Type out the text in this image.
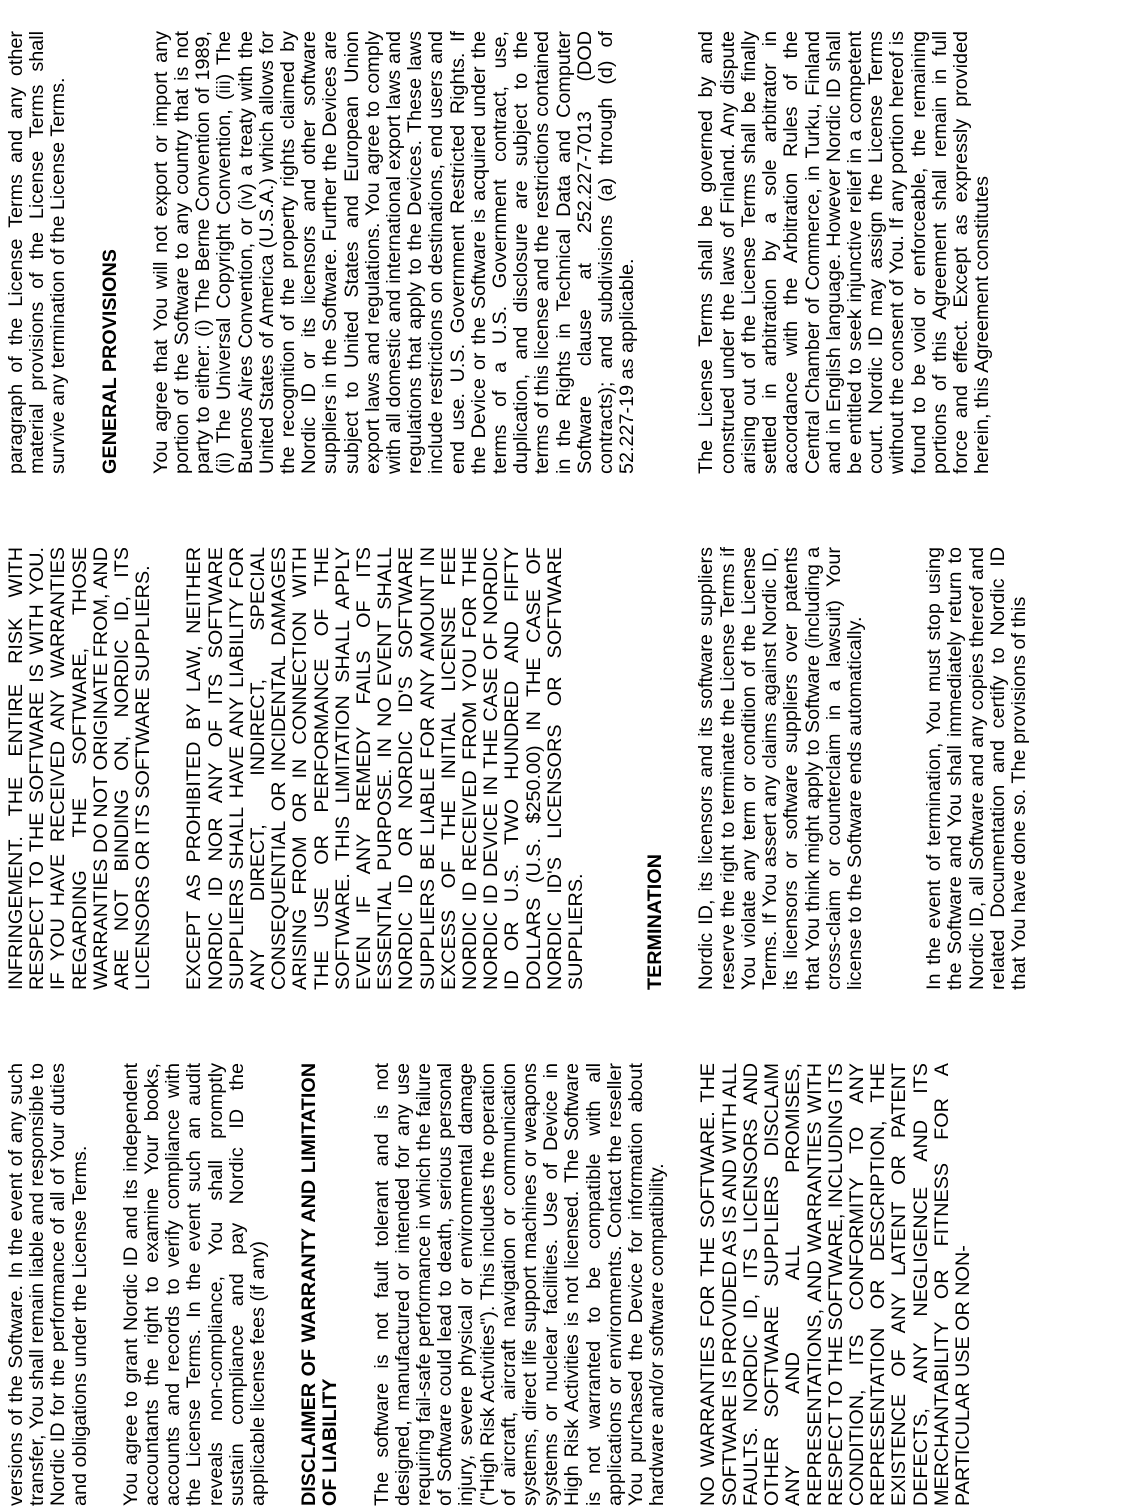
versions of the Software. In the event of any such transfer, You shall remain liable and responsible to Nordic ID for the performance of all of Your duties and obligations under the License Terms. You agree to grant Nordic ID and its independent accountants the right to examine Your books, accounts and records to verify compliance with the License Terms. In the event such an audit reveals non-compliance, You shall promptly sustain compliance and pay Nordic ID the applicable license fees (if any) DISCLAIMER OF WARRANTY AND LIMITATION OF LIABILITY The software is not fault tolerant and is not designed, manufactured or intended for any use requiring fail-safe performance in which the failure of Software could lead to death, serious personal injury, severe physical or environmental damage ("High Risk Activities"). This includes the operation of aircraft, aircraft navigation or communication systems, direct life support machines or weapons systems or nuclear facilities. Use of Device in High Risk Activities is not licensed. The Software is not warranted to be compatible with all applications or environments. Contact the reseller You purchased the Device for information about hardware and/or software compatibility. NO WARRANTIES FOR THE SOFTWARE. THE SOFTWARE IS PROVIDED AS IS AND WITH ALL FAULTS. NORDIC ID, ITS LICENSORS AND OTHER SOFTWARE SUPPLIERS DISCLAIM ANY AND ALL PROMISES, REPRESENTATIONS, AND WARRANTIES WITH RESPECT TO THE SOFTWARE, INCLUDING ITS CONDITION, ITS CONFORMITY TO ANY REPRESENTATION OR DESCRIPTION, THE EXISTENCE OF ANY LATENT OR PATENT DEFECTS, ANY NEGLIGENCE AND ITS MERCHANTABILITY OR FITNESS FOR A PARTICULAR USE OR NON-

INFRINGEMENT. THE ENTIRE RISK WITH RESPECT TO THE SOFTWARE IS WITH YOU. IF YOU HAVE RECEIVED ANY WARRANTIES REGARDING THE SOFTWARE, THOSE WARRANTIES DO NOT ORIGINATE FROM, AND ARE NOT BINDING ON, NORDIC ID, ITS LICENSORS OR ITS SOFTWARE SUPPLIERS. EXCEPT AS PROHIBITED BY LAW, NEITHER NORDIC ID NOR ANY OF ITS SOFTWARE SUPPLIERS SHALL HAVE ANY LIABILITY FOR ANY DIRECT, INDIRECT, SPECIAL CONSEQUENTIAL OR INCIDENTAL DAMAGES ARISING FROM OR IN CONNECTION WITH THE USE OR PERFORMANCE OF THE SOFTWARE. THIS LIMITATION SHALL APPLY EVEN IF ANY REMEDY FAILS OF ITS ESSENTIAL PURPOSE. IN NO EVENT SHALL NORDIC ID OR NORDIC ID'S SOFTWARE SUPPLIERS BE LIABLE FOR ANY AMOUNT IN EXCESS OF THE INITIAL LICENSE FEE NORDIC ID RECEIVED FROM YOU FOR THE NORDIC ID DEVICE IN THE CASE OF NORDIC ID OR U.S. TWO HUNDRED AND FIFTY DOLLARS (U.S. $250.00) IN THE CASE OF NORDIC ID'S LICENSORS OR SOFTWARE SUPPLIERS.	TERMINATION Nordic ID, its licensors and its software suppliers reserve the right to terminate the License Terms if You violate any term or condition of the License Terms. If You assert any claims against Nordic ID, its licensors or software suppliers over patents that You think might apply to Software (including a cross-claim or counterclaim in a lawsuit) Your license to the Software ends automatically.	In the event of termination, You must stop using the Software and You shall immediately return to Nordic ID, all Software and any copies thereof and related Documentation and certify to Nordic ID that You have done so. The provisions of this

paragraph of the License Terms and any other material provisions of the License Terms shall survive any termination of the License Terms. GENERAL PROVISIONS You agree that You will not export or import any portion of the Software to any country that is not party to either: (i) The Berne Convention of 1989, (ii) The Universal Copyright Convention, (iii) The Buenos Aires Convention, or (iv) a treaty with the United States of America (U.S.A.) which allows for the recognition of the property rights claimed by Nordic ID or its licensors and other software suppliers in the Software. Further the Devices are subject to United States and European Union export laws and regulations. You agree to comply with all domestic and international export laws and regulations that apply to the Devices. These laws include restrictions on destinations, end users and end use. U.S. Government Restricted Rights. If the Device or the Software is acquired under the terms of a U.S. Government contract, use, duplication, and disclosure are subject to the terms of this license and the restrictions contained in the Rights in Technical Data and Computer Software clause at 252.227-7013 (DOD contracts); and subdivisions (a) through (d) of 52.227-19 as applicable.	The License Terms shall be governed by and construed under the laws of Finland. Any dispute arising out of the License Terms shall be finally settled in arbitration by a sole arbitrator in accordance with the Arbitration Rules of the Central Chamber of Commerce, in Turku, Finland and in English language. However Nordic ID shall be entitled to seek injunctive relief in a competent court. Nordic ID may assign the License Terms without the consent of You. If any portion hereof is found to be void or enforceable, the remaining portions of this Agreement shall remain in full force and effect. Except as expressly provided herein, this Agreement constitutes
